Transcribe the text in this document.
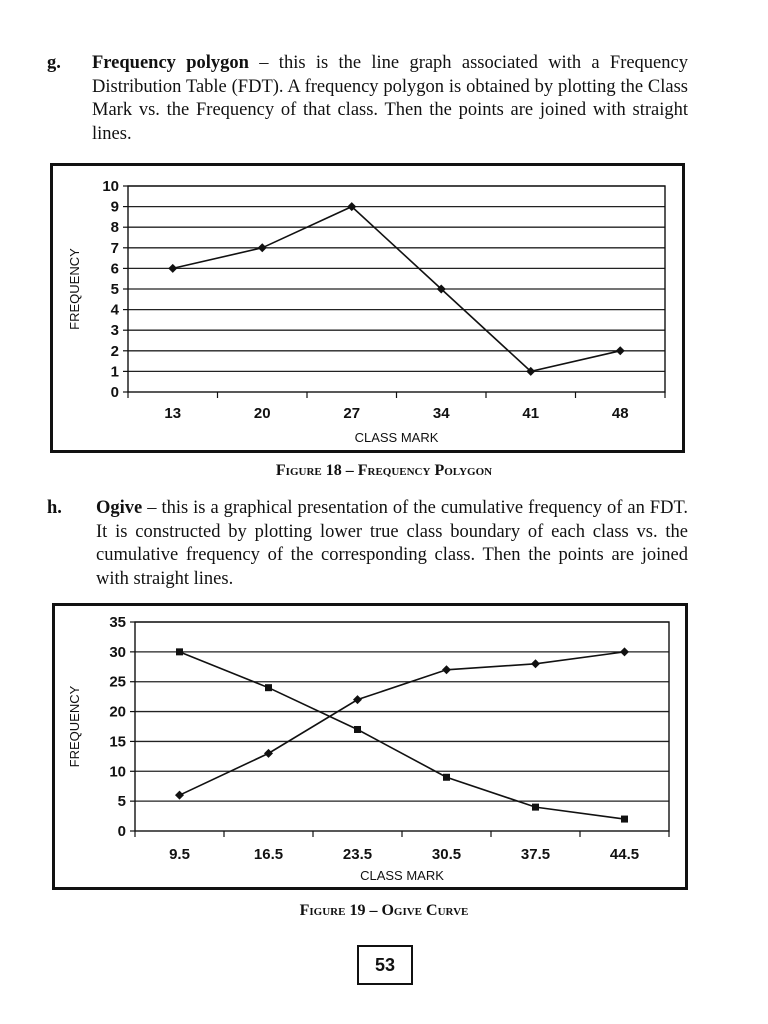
g. Frequency polygon – this is the line graph associated with a Frequency Distribution Table (FDT). A frequency polygon is obtained by plotting the Class Mark vs. the Frequency of that class. Then the points are joined with straight lines.
0
1
2
3
4
5
6
7
8
9
10
13	20	27	34	41	48
CLASS MARK
FREQUENCY
Figure 18 – Frequency Polygon
h. Ogive – this is a graphical presentation of the cumulative frequency of an FDT. It is constructed by plotting lower true class boundary of each class vs. the cumulative frequency of the corresponding class. Then the points are joined with straight lines.
0
5
10
15
20
25
30
35
9.5	16.5	23.5	30.5	37.5	44.5
CLASS MARK
FREQUENCY
Figure 19 – Ogive Curve
53
